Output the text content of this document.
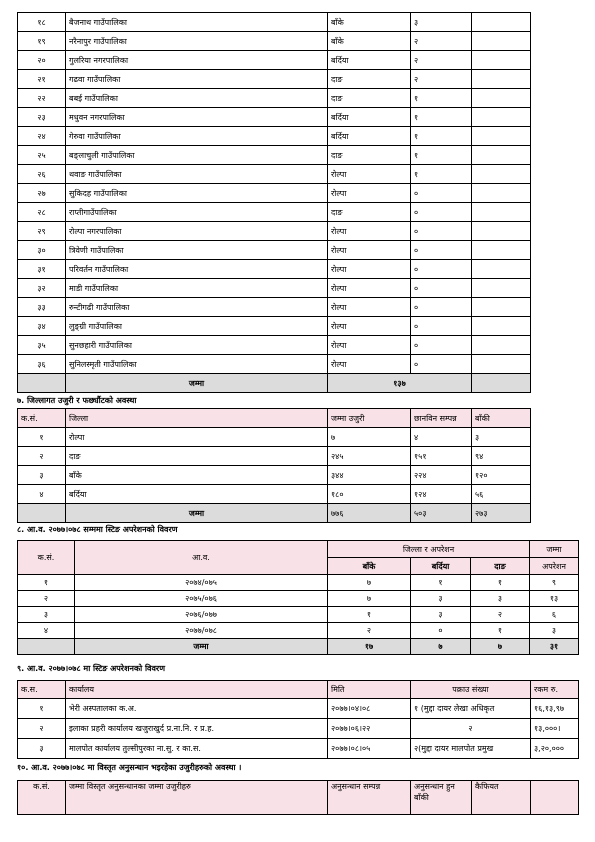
१८	बैजनाथ गाउँपालिका	बाँके	३	
१९	नरैनापुर गाउँपालिका	बाँके	२	
२०	गुलरिया नगरपालिका	बर्दिया	२	
२१	गढवा गाउँपालिका	दाङ	२	
२२	बबई गाउँपालिका	दाङ	१	
२३	मधुवन नगरपालिका	बर्दिया	१	
२४	गेरुवा गाउँपालिका	बर्दिया	१	
२५	बङ्लाचुली गाउँपालिका	दाङ	१	
२६	थवाङ गाउँपालिका	रोल्पा	१	
२७	सुकिदह गाउँपालिका	रोल्पा	०	
२८	राप्तीगाउँपालिका	दाङ	०	
२९	रोल्पा नगरपालिका	रोल्पा	०	
३०	त्रिवेणी गाउँपालिका	रोल्पा	०	
३१	परिवर्तन गाउँपालिका	रोल्पा	०	
३२	माडी गाउँपालिका	रोल्पा	०	
३३	रुन्टीगढी गाउँपालिका	रोल्पा	०	
३४	लुङ्ग्री गाउँपालिका	रोल्पा	०	
३५	सुनछहारी गाउँपालिका	रोल्पा	०	
३६	सुनिलस्मृती गाउँपालिका	रोल्पा	०	
	जम्मा	१३७		
७. जिल्लागत उजुरी र फर्छ्यौटको अवस्था
क.सं.	जिल्ला	जम्मा उजुरी	छानविन सम्पन्न	बाँकी
१	रोल्पा	७	४	३
२	दाङ	२४५	१५१	९४
३	बाँके	३४४	२२४	१२०
४	बर्दिया	१८०	१२४	५६
	जम्मा	७७६	५०३	२७३
८. आ.व. २०७७।०७८ सम्ममा स्टिङ अपरेशनको विवरण
क.सं.	आ.व.	जिल्ला र अपरेशन			जम्मा
		बाँके	बर्दिया	दाङ	अपरेशन
१	२०७४/०७५	७	१	१	९
२	२०७५/०७६	७	३	३	१३
३	२०७६/०७७	१	३	२	६
४	२०७७/०७८	२	०	१	३
	जम्मा	१७	७	७	३१
९. आ.व. २०७७।०७८ मा स्टिङ अपरेशनको विवरण
क.स.	कार्यालय	मिति	पक्राउ संख्या	रकम रु.
१	भेरी अस्पतालका क.अ.	२०७७।०४।०८	१ (मुद्दा दायर लेखा अधिकृत	१६,१३,९७
२	इलाका प्रहरी कार्यालय खजुराखुर्द प्र.ना.नि. र प्र.ह.	२०७७।०६।२२	२	१३,०००।
३	मालपोत कार्यालय तुल्सीपुरका ना.सु. र का.स.	२०७७।०८।०५	२(मुद्दा दायर मालपोत प्रमुख	३,२०,०००
१०. आ.व. २०७७।०७८ मा विस्तृत अनुसन्धान भइरहेका उजुरीहरुको अवस्था ।
क.सं.	जम्मा विस्तृत अनुसन्धानका जम्मा उजुरीहरु	अनुसन्धान सम्पन्न	अनुसन्धान हुन बाँकी	कैफियत	
